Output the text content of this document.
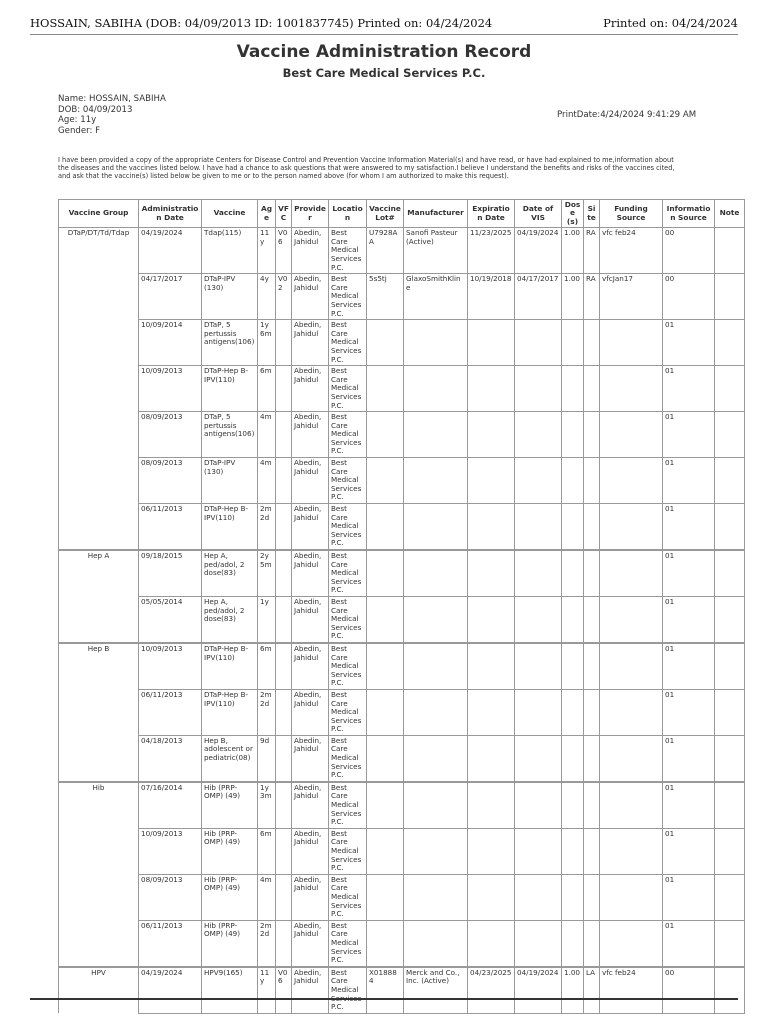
HOSSAIN, SABIHA (DOB: 04/09/2013 ID: 1001837745) Printed on: 04/24/2024	Printed on: 04/24/2024
Vaccine Administration Record
Best Care Medical Services P.C.
Name: HOSSAIN, SABIHA
DOB: 04/09/2013
Age: 11y
Gender: F
PrintDate:4/24/2024 9:41:29 AM
I have been provided a copy of the appropriate Centers for Disease Control and Prevention Vaccine Information Material(s) and have read, or have had explained to me,information about the diseases and the vaccines listed below. I have had a chance to ask questions that were answered to my satisfaction.I believe I understand the benefits and risks of the vaccines cited, and ask that the vaccine(s) listed below be given to me or to the person named above (for whom I am authorized to make this request).
Vaccine Group	Administration Date	Vaccine	Age	VFC	Provider	Location	Vaccine Lot#	Manufacturer	Expiration Date	Date of VIS	Dose (s)	Site	Funding Source	Information Source	Note
DTaP/DT/Td/Tdap	04/19/2024	Tdap(115)	11y	V06	Abedin, Jahidul	Best Care Medical Services P.C.	U7928AA	Sanofi Pasteur (Active)	11/23/2025	04/19/2024	1.00	RA	vfc feb24	00	
	04/17/2017	DTaP-IPV (130)	4y	V02	Abedin, Jahidul	Best Care Medical Services P.C.	5s5tj	GlaxoSmithKline	10/19/2018	04/17/2017	1.00	RA	vfcJan17	00	
	10/09/2014	DTaP, 5 pertussis antigens(106)	1y 6m		Abedin, Jahidul	Best Care Medical Services P.C.								01	
	10/09/2013	DTaP-Hep B-IPV(110)	6m		Abedin, Jahidul	Best Care Medical Services P.C.								01	
	08/09/2013	DTaP, 5 pertussis antigens(106)	4m		Abedin, Jahidul	Best Care Medical Services P.C.								01	
	08/09/2013	DTaP-IPV (130)	4m		Abedin, Jahidul	Best Care Medical Services P.C.								01	
	06/11/2013	DTaP-Hep B-IPV(110)	2m 2d		Abedin, Jahidul	Best Care Medical Services P.C.								01	
Hep A	09/18/2015	Hep A, ped/adol, 2 dose(83)	2y 5m		Abedin, Jahidul	Best Care Medical Services P.C.								01	
	05/05/2014	Hep A, ped/adol, 2 dose(83)	1y		Abedin, Jahidul	Best Care Medical Services P.C.								01	
Hep B	10/09/2013	DTaP-Hep B-IPV(110)	6m		Abedin, Jahidul	Best Care Medical Services P.C.								01	
	06/11/2013	DTaP-Hep B-IPV(110)	2m 2d		Abedin, Jahidul	Best Care Medical Services P.C.								01	
	04/18/2013	Hep B, adolescent or pediatric(08)	9d		Abedin, Jahidul	Best Care Medical Services P.C.								01	
Hib	07/16/2014	Hib (PRP-OMP) (49)	1y 3m		Abedin, Jahidul	Best Care Medical Services P.C.								01	
	10/09/2013	Hib (PRP-OMP) (49)	6m		Abedin, Jahidul	Best Care Medical Services P.C.								01	
	08/09/2013	Hib (PRP-OMP) (49)	4m		Abedin, Jahidul	Best Care Medical Services P.C.								01	
	06/11/2013	Hib (PRP-OMP) (49)	2m 2d		Abedin, Jahidul	Best Care Medical Services P.C.								01	
HPV	04/19/2024	HPV9(165)	11y	V06	Abedin, Jahidul	Best Care Medical Services P.C.	X018884	Merck and Co., Inc. (Active)	04/23/2025	04/19/2024	1.00	LA	vfc feb24	00	
